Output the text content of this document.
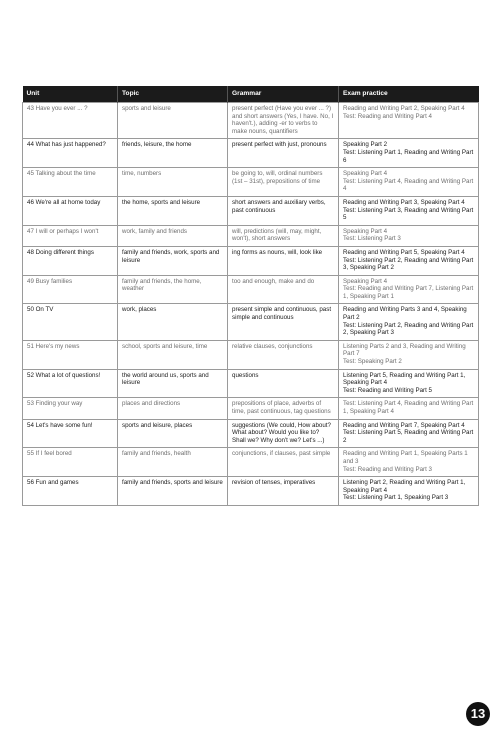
Unit	Topic	Grammar	Exam practice
43 Have you ever ... ?	sports and leisure	present perfect (Have you ever ... ?) and short answers (Yes, I have. No, I haven't.), adding -er to verbs to make nouns, quantifiers	Reading and Writing Part 2, Speaking Part 4
Test: Reading and Writing Part 4

44 What has just happened?	friends, leisure, the home	present perfect with just, pronouns	Speaking Part 2
Test: Listening Part 1, Reading and Writing Part 6

45 Talking about the time	time, numbers	be going to, will, ordinal numbers (1st – 31st), prepositions of time	Speaking Part 4
Test: Listening Part 4, Reading and Writing Part 4

46 We're all at home today	the home, sports and leisure	short answers and auxiliary verbs, past continuous	Reading and Writing Part 3, Speaking Part 4
Test: Listening Part 3, Reading and Writing Part 5

47 I will or perhaps I won't	work, family and friends	will, predictions (will, may, might, won't), short answers	Speaking Part 4
Test: Listening Part 3

48 Doing different things	family and friends, work, sports and leisure	ing forms as nouns, will, look like	Reading and Writing Part 5, Speaking Part 4
Test: Listening Part 2, Reading and Writing Part 3, Speaking Part 2

49 Busy families	family and friends, the home, weather	too and enough, make and do	Speaking Part 4
Test: Reading and Writing Part 7, Listening Part 1, Speaking Part 1

50 On TV	work, places	present simple and continuous, past simple and continuous	Reading and Writing Parts 3 and 4, Speaking Part 2
Test: Listening Part 2, Reading and Writing Part 2, Speaking Part 3

51 Here's my news	school, sports and leisure, time	relative clauses, conjunctions	Listening Parts 2 and 3, Reading and Writing Part 7
Test: Speaking Part 2

52 What a lot of questions!	the world around us, sports and leisure	questions	Listening Part 5, Reading and Writing Part 1, Speaking Part 4
Test: Reading and Writing Part 5

53 Finding your way	places and directions	prepositions of place, adverbs of time, past continuous, tag questions	Test: Listening Part 4, Reading and Writing Part 1, Speaking Part 4

54 Let's have some fun!	sports and leisure, places	suggestions (We could, How about? What about? Would you like to? Shall we? Why don't we? Let's ...)	Reading and Writing Part 7, Speaking Part 4
Test: Listening Part 5, Reading and Writing Part 2

55 If I feel bored	family and friends, health	conjunctions, if clauses, past simple	Reading and Writing Part 1, Speaking Parts 1 and 3
Test: Reading and Writing Part 3

56 Fun and games	family and friends, sports and leisure	revision of tenses, imperatives	Listening Part 2, Reading and Writing Part 1, Speaking Part 4
Test: Listening Part 1, Speaking Part 3
13
